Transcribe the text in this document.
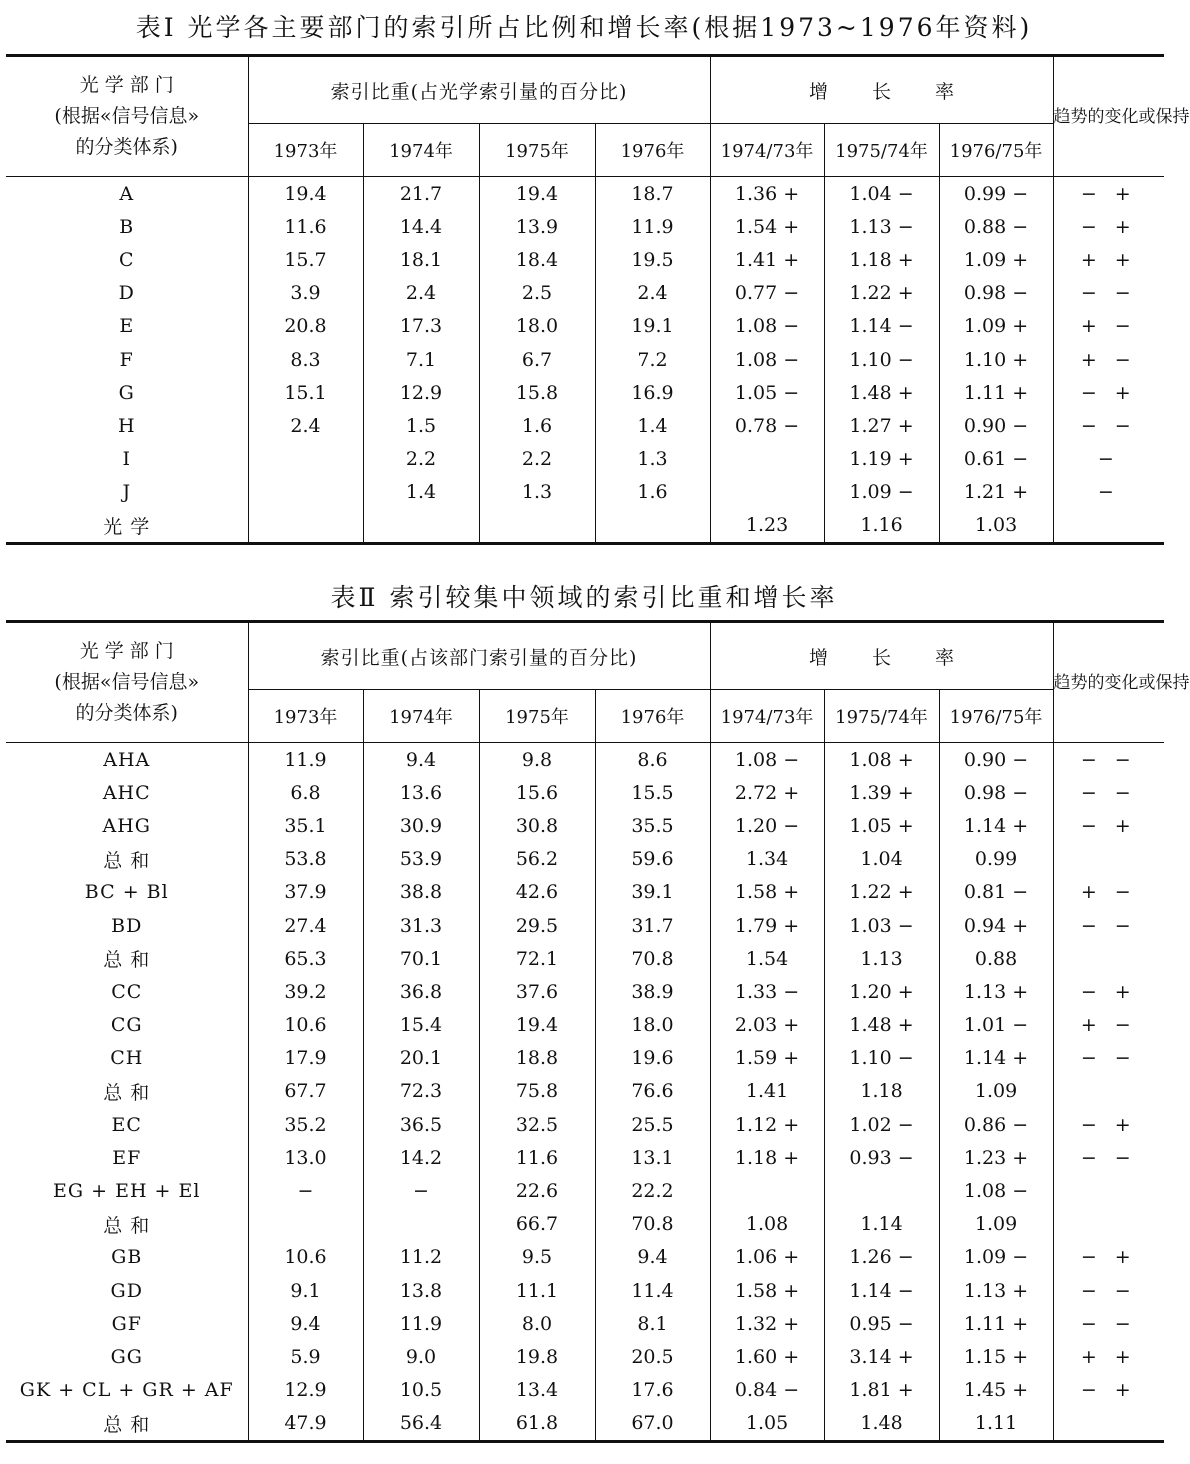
表Ⅰ 光学各主要部门的索引所占比例和增长率(根据1973~1976年资料)
光 学 部 门
(根据«信号信息»
的分类体系)	索引比重(占光学索引量的百分比)				增长率			趋势的变化或保持
	1973年	1974年	1975年	1976年	1974/73年	1975/74年	1976/75年	
A	19.4	21.7	19.4	18.7	1.36 +	1.04 −	0.99 −	− +
B	11.6	14.4	13.9	11.9	1.54 +	1.13 −	0.88 −	− +
C	15.7	18.1	18.4	19.5	1.41 +	1.18 +	1.09 +	+ +
D	3.9	2.4	2.5	2.4	0.77 −	1.22 +	0.98 −	− −
E	20.8	17.3	18.0	19.1	1.08 −	1.14 −	1.09 +	+ −
F	8.3	7.1	6.7	7.2	1.08 −	1.10 −	1.10 +	+ −
G	15.1	12.9	15.8	16.9	1.05 −	1.48 +	1.11 +	− +
H	2.4	1.5	1.6	1.4	0.78 −	1.27 +	0.90 −	− −
I		2.2	2.2	1.3		1.19 +	0.61 −	−
J		1.4	1.3	1.6		1.09 −	1.21 +	−
光 学					1.23	1.16	1.03	
表Ⅱ 索引较集中领域的索引比重和增长率
光 学 部 门
(根据«信号信息»
的分类体系)	索引比重(占该部门索引量的百分比)				增长率			趋势的变化或保持
	1973年	1974年	1975年	1976年	1974/73年	1975/74年	1976/75年	
AHA	11.9	9.4	9.8	8.6	1.08 −	1.08 +	0.90 −	− −
AHC	6.8	13.6	15.6	15.5	2.72 +	1.39 +	0.98 −	− −
AHG	35.1	30.9	30.8	35.5	1.20 −	1.05 +	1.14 +	− +
总 和	53.8	53.9	56.2	59.6	1.34	1.04	0.99	
BC + Bl	37.9	38.8	42.6	39.1	1.58 +	1.22 +	0.81 −	+ −
BD	27.4	31.3	29.5	31.7	1.79 +	1.03 −	0.94 +	− −
总 和	65.3	70.1	72.1	70.8	1.54	1.13	0.88	
CC	39.2	36.8	37.6	38.9	1.33 −	1.20 +	1.13 +	− +
CG	10.6	15.4	19.4	18.0	2.03 +	1.48 +	1.01 −	+ −
CH	17.9	20.1	18.8	19.6	1.59 +	1.10 −	1.14 +	− −
总 和	67.7	72.3	75.8	76.6	1.41	1.18	1.09	
EC	35.2	36.5	32.5	25.5	1.12 +	1.02 −	0.86 −	− +
EF	13.0	14.2	11.6	13.1	1.18 +	0.93 −	1.23 +	− −
EG + EH + El	−	−	22.6	22.2			1.08 −	
总 和			66.7	70.8	1.08	1.14	1.09	
GB	10.6	11.2	9.5	9.4	1.06 +	1.26 −	1.09 −	− +
GD	9.1	13.8	11.1	11.4	1.58 +	1.14 −	1.13 +	− −
GF	9.4	11.9	8.0	8.1	1.32 +	0.95 −	1.11 +	− −
GG	5.9	9.0	19.8	20.5	1.60 +	3.14 +	1.15 +	+ +
GK + CL + GR + AF	12.9	10.5	13.4	17.6	0.84 −	1.81 +	1.45 +	− +
总 和	47.9	56.4	61.8	67.0	1.05	1.48	1.11	
